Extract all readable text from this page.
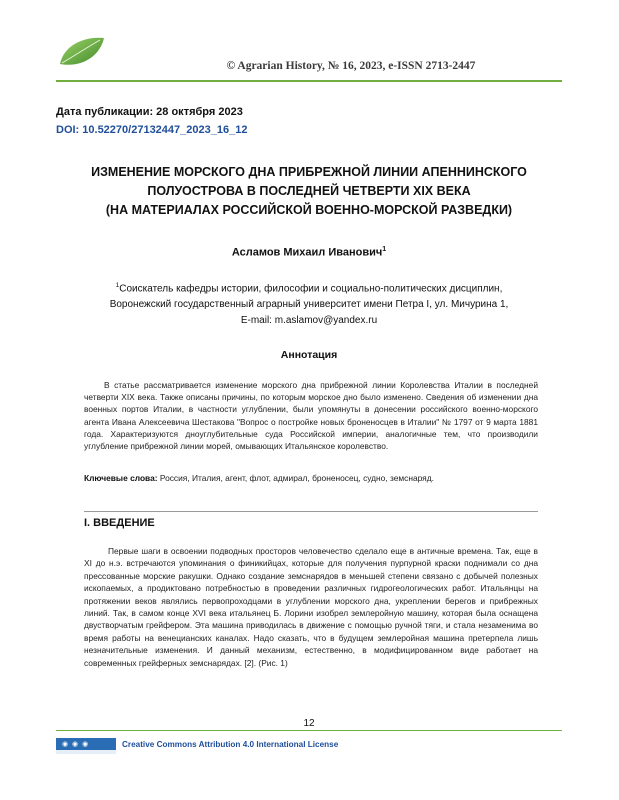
© Agrarian History, № 16, 2023, e-ISSN 2713-2447
Дата публикации: 28 октября 2023
DOI: 10.52270/27132447_2023_16_12
ИЗМЕНЕНИЕ МОРСКОГО ДНА ПРИБРЕЖНОЙ ЛИНИИ АПЕННИНСКОГО
ПОЛУОСТРОВА В ПОСЛЕДНЕЙ ЧЕТВЕРТИ XIX ВЕКА
(НА МАТЕРИАЛАХ РОССИЙСКОЙ ВОЕННО-МОРСКОЙ РАЗВЕДКИ)
Асламов Михаил Иванович$^1$
$^1$Соискатель кафедры истории, философии и социально-политических дисциплин,
Воронежский государственный аграрный университет имени Петра I, ул. Мичурина 1,
E-mail: m.aslamov@yandex.ru
Аннотация

В статье рассматривается изменение морского дна прибрежной линии Королевства Италии в последней четверти XIX века. Также описаны причины, по которым морское дно было изменено. Сведения об изменении дна военных портов Италии, в частности углублении, были упомянуты в донесении российского военно-морского агента Ивана Алексеевича Шестакова "Вопрос о постройке новых броненосцев в Италии" № 1797 от 9 марта 1881 года. Характеризуются дноуглубительные суда Российской империи, аналогичные тем, что производили углубление прибрежной линии морей, омывающих Итальянское королевство.

Ключевые слова: Россия, Италия, агент, флот, адмирал, броненосец, судно, земснаряд.
I. ВВЕДЕНИЕ

Первые шаги в освоении подводных просторов человечество сделало еще в античные времена. Так, еще в XI до н.э. встречаются упоминания о финикийцах, которые для получения пурпурной краски поднимали со дна прессованные морские ракушки. Однако создание земснарядов в меньшей степени связано с добычей полезных ископаемых, а продиктовано потребностью в проведении различных гидрогеологических работ. Итальянцы на протяжении веков являлись первопроходцами в углублении морского дна, укреплении берегов и прибрежных линий. Так, в самом конце XVI века итальянец Б. Лорини изобрел землеройную машину, которая была оснащена двустворчатым грейфером. Эта машина приводилась в движение с помощью ручной тяги, и стала незаменима во время работы на венецианских каналах. Надо сказать, что в будущем землеройная машина претерпела лишь незначительные изменения. И данный механизм, естественно, в модифицированном виде работает на современных грейферных земснарядах. [2]. (Рис. 1)

12
◉ ◉ ◉	Creative Commons Attribution 4.0 International License
